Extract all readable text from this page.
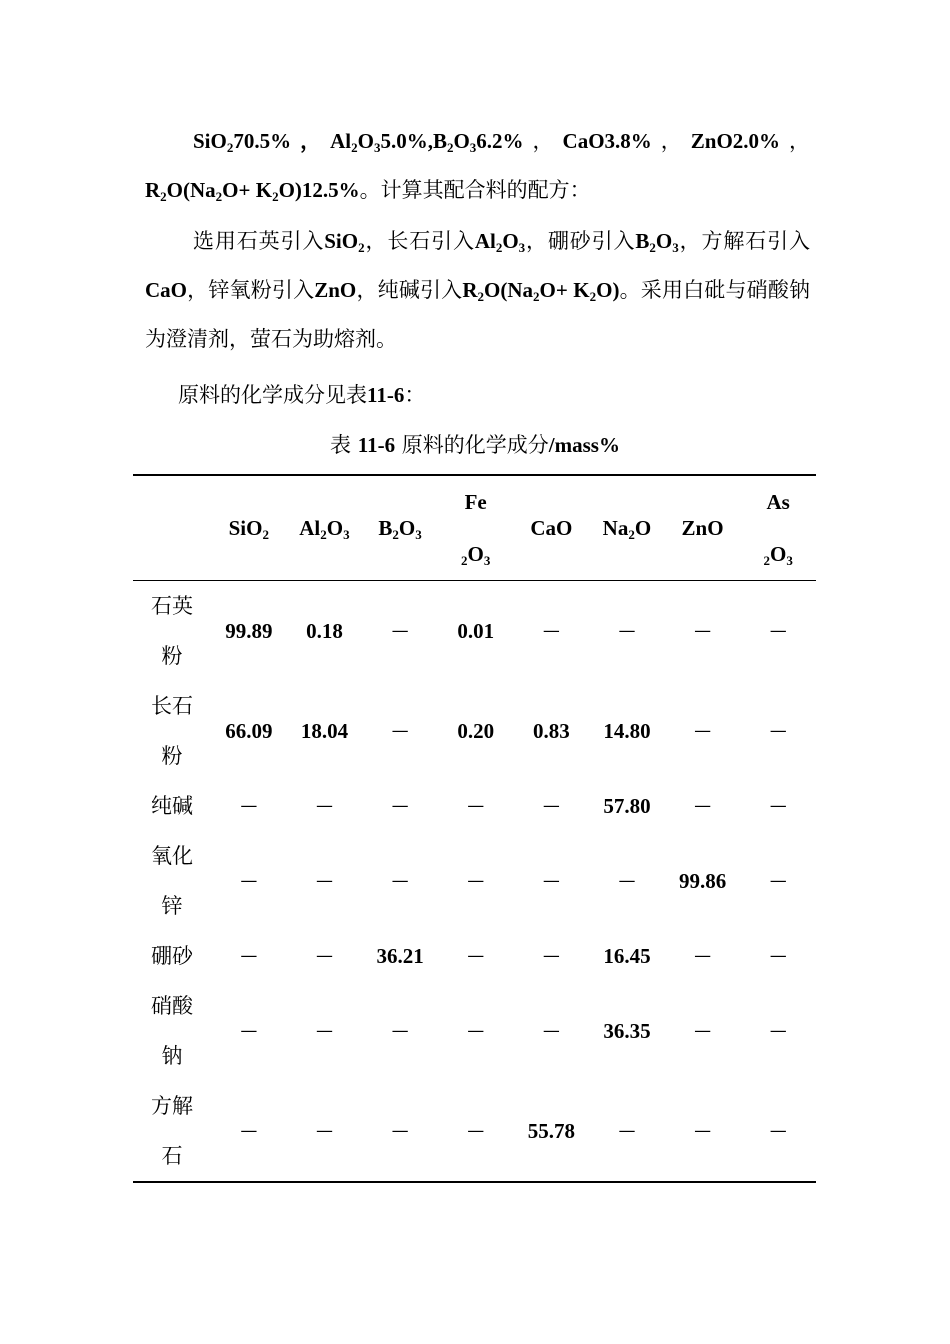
SiO$_2$70.5%，$Al_2O_35.0\%,B_2O_36.2\%$，CaO3.8%，ZnO2.0%，$R_2O(Na_2O+ K_2O)12.5\%$。计算其配合料的配方：

选用石英引入SiO$_2$，长石引入$Al_2O_3$，硼砂引入$B_2O_3$，方解石引入CaO，锌氧粉引入ZnO，纯碱引入$R_2O(Na_2O+ K_2O)$。采用白砒与硝酸钠为澄清剂，萤石为助熔剂。

原料的化学成分见表11-6：

表 11-6 原料的化学成分/mass%
	SiO$_2$	$Al_2O_3$	$B_2O_3$	Fe
$_2O_3$	CaO	$Na_2O$	ZnO	As
$_2O_3$
石英
粉	99.89	0.18	—	0.01	—	—	—	—
长石
粉	66.09	18.04	—	0.20	0.83	14.80	—	—
纯碱	—	—	—	—	—	57.80	—	—
氧化
锌	—	—	—	—	—	—	99.86	—
硼砂	—	—	36.21	—	—	16.45	—	—
硝酸
钠	—	—	—	—	—	36.35	—	—
方解
石	—	—	—	—	55.78	—	—	—
